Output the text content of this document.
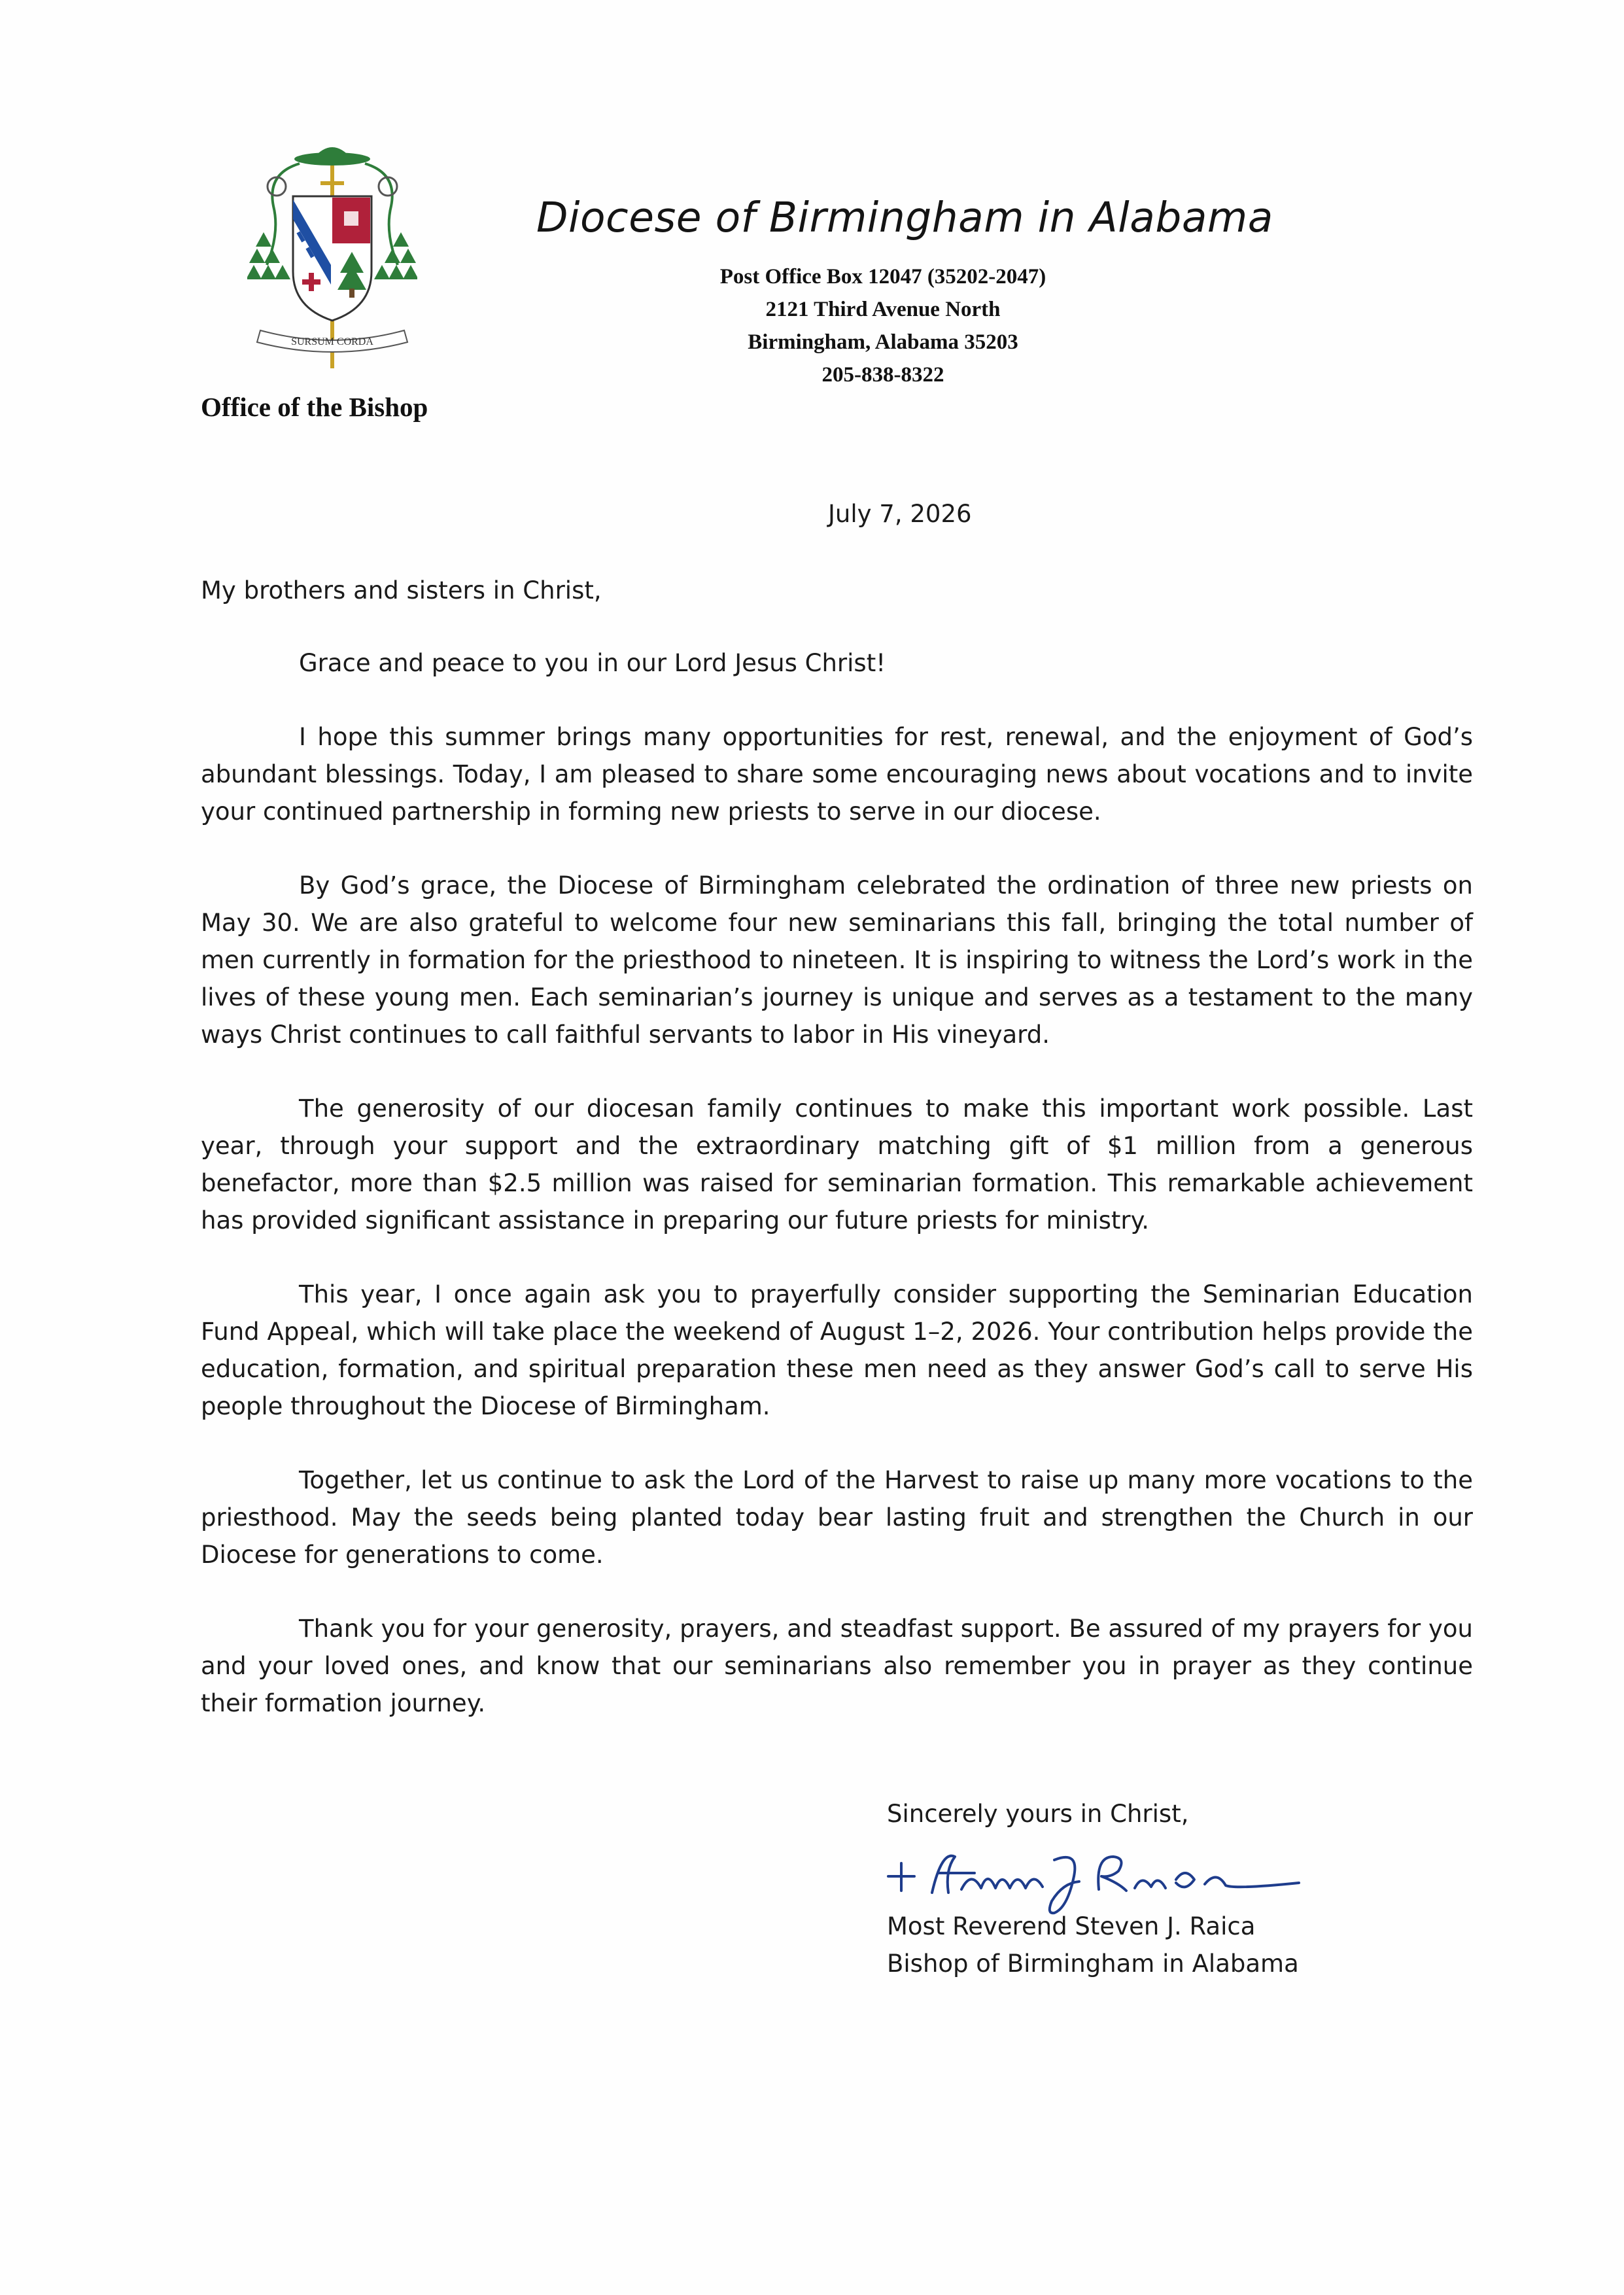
SURSUM CORDA
Office of the Bishop
Diocese of Birmingham in Alabama
Post Office Box 12047 (35202-2047)
2121 Third Avenue North
Birmingham, Alabama 35203
205-838-8322
July 7, 2026
My brothers and sisters in Christ,

Grace and peace to you in our Lord Jesus Christ!

I hope this summer brings many opportunities for rest, renewal, and the enjoyment of God’s abundant blessings. Today, I am pleased to share some encouraging news about vocations and to invite your continued partnership in forming new priests to serve in our diocese.

By God’s grace, the Diocese of Birmingham celebrated the ordination of three new priests on May 30. We are also grateful to welcome four new seminarians this fall, bringing the total number of men currently in formation for the priesthood to nineteen. It is inspiring to witness the Lord’s work in the lives of these young men. Each seminarian’s journey is unique and serves as a testament to the many ways Christ continues to call faithful servants to labor in His vineyard.

The generosity of our diocesan family continues to make this important work possible. Last year, through your support and the extraordinary matching gift of $1 million from a generous benefactor, more than $2.5 million was raised for seminarian formation. This remarkable achievement has provided significant assistance in preparing our future priests for ministry.

This year, I once again ask you to prayerfully consider supporting the Seminarian Education Fund Appeal, which will take place the weekend of August 1–2, 2026. Your contribution helps provide the education, formation, and spiritual preparation these men need as they answer God’s call to serve His people throughout the Diocese of Birmingham.

Together, let us continue to ask the Lord of the Harvest to raise up many more vocations to the priesthood. May the seeds being planted today bear lasting fruit and strengthen the Church in our Diocese for generations to come.

Thank you for your generosity, prayers, and steadfast support. Be assured of my prayers for you and your loved ones, and know that our seminarians also remember you in prayer as they continue their formation journey.

Sincerely yours in Christ,
Most Reverend Steven J. Raica
Bishop of Birmingham in Alabama
